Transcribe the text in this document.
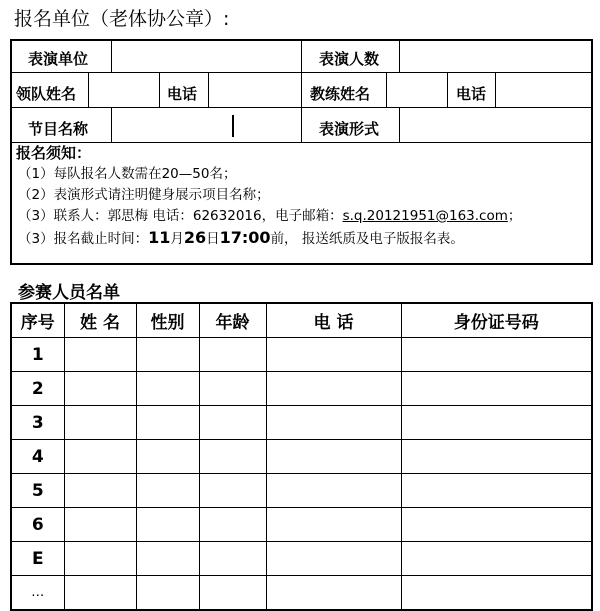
报名单位（老体协公章）:
表演单位	表演人数
领队姓名	电话	教练姓名	电话
节目名称	表演形式
报名须知：
（1）每队报名人数需在20—50名；
（2）表演形式请注明健身展示项目名称；
（3）联系人：郭思梅 电话：62632016，电子邮箱：s.q.20121951@163.com；
（3）报名截止时间：11月26日17:00前， 报送纸质及电子版报名表。
参赛人员名单
序号	姓 名	性别	年龄	电 话	身份证号码
1					
2					
3					
4					
5					
6					
E					
…					
